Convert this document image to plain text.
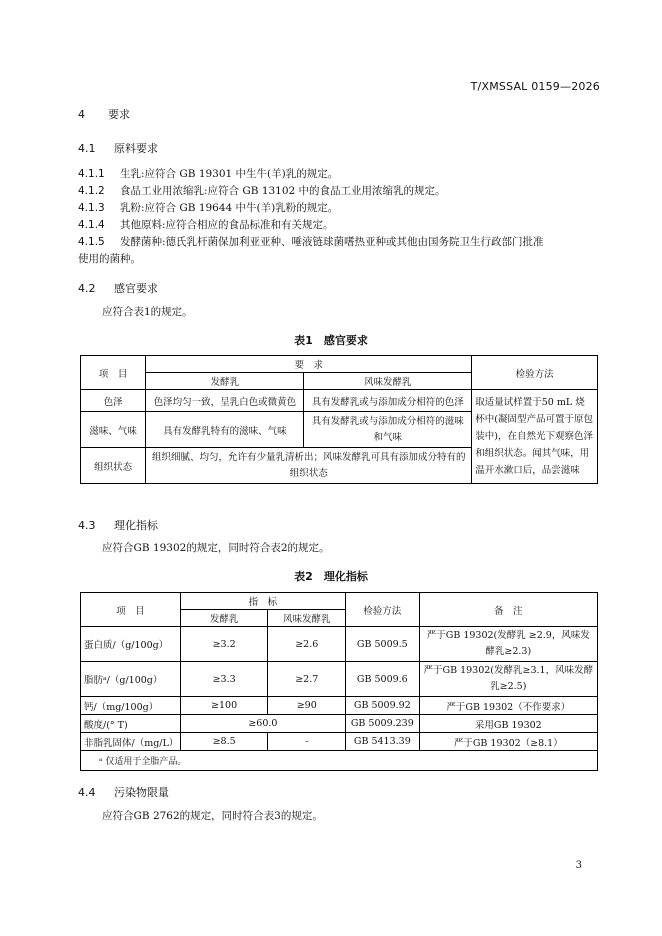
T/XMSSAL 0159—2026
4 要求
4.1 原料要求
4.1.1 生乳:应符合 GB 19301 中生牛(羊)乳的规定。
4.1.2 食品工业用浓缩乳:应符合 GB 13102 中的食品工业用浓缩乳的规定。
4.1.3 乳粉:应符合 GB 19644 中牛(羊)乳粉的规定。
4.1.4 其他原料:应符合相应的食品标准和有关规定。
4.1.5 发酵菌种:德氏乳杆菌保加利亚亚种、唾液链球菌嗜热亚种或其他由国务院卫生行政部门批准
使用的菌种。
4.2 感官要求
应符合表1的规定。
表1　感官要求
项　目	要　求		检验方法
	发酵乳	风味发酵乳	
色泽	色泽均匀一致，呈乳白色或微黄色	具有发酵乳或与添加成分相符的色泽	取适量试样置于50 mL 烧杯中(凝固型产品可置于原包装中)，在自然光下观察色泽和组织状态。闻其气味，用温开水漱口后，品尝滋味
滋味、气味	具有发酵乳特有的滋味、气味	具有发酵乳或与添加成分相符的滋味和气味	
组织状态	组织细腻、均匀，允许有少量乳清析出；风味发酵乳可具有添加成分特有的组织状态		
4.3 理化指标
应符合GB 19302的规定，同时符合表2的规定。
表2　理化指标
项　目	指　标		检验方法	备　注
	发酵乳	风味发酵乳		
蛋白质/（g/100g）	≥3.2	≥2.6	GB 5009.5	严于GB 19302(发酵乳 ≥2.9，风味发酵乳≥2.3)
脂肪ᵃ/（g/100g）	≥3.3	≥2.7	GB 5009.6	严于GB 19302(发酵乳≥3.1，风味发酵乳≥2.5)
钙/（mg/100g）	≥100	≥90	GB 5009.92	严于GB 19302（不作要求）
酸度/(° T)	≥60.0		GB 5009.239	采用GB 19302
非脂乳固体/（mg/L）	≥8.5	-	GB 5413.39	严于GB 19302（≥8.1）
ᵃ 仅适用于全脂产品。				
4.4 污染物限量
应符合GB 2762的规定，同时符合表3的规定。
3
